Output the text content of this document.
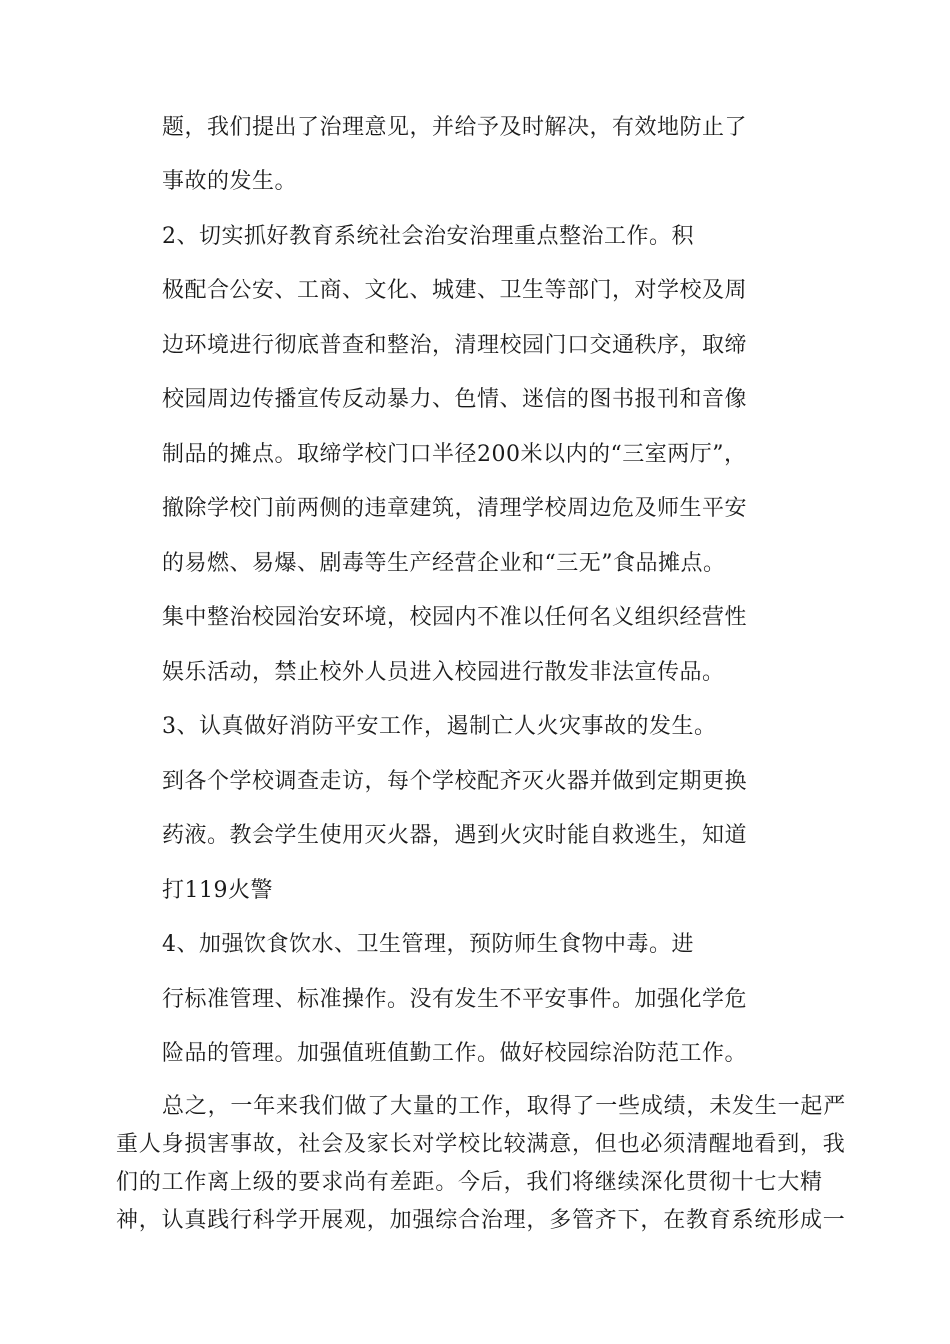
题，我们提出了治理意见，并给予及时解决，有效地防止了
事故的发生。
2、切实抓好教育系统社会治安治理重点整治工作。积
极配合公安、工商、文化、城建、卫生等部门，对学校及周
边环境进行彻底普查和整治，清理校园门口交通秩序，取缔
校园周边传播宣传反动暴力、色情、迷信的图书报刊和音像
制品的摊点。取缔学校门口半径200米以内的“三室两厅”，
撤除学校门前两侧的违章建筑，清理学校周边危及师生平安
的易燃、易爆、剧毒等生产经营企业和“三无”食品摊点。
集中整治校园治安环境，校园内不准以任何名义组织经营性
娱乐活动，禁止校外人员进入校园进行散发非法宣传品。
3、认真做好消防平安工作，遏制亡人火灾事故的发生。
到各个学校调查走访，每个学校配齐灭火器并做到定期更换
药液。教会学生使用灭火器，遇到火灾时能自救逃生，知道
打119火警
4、加强饮食饮水、卫生管理，预防师生食物中毒。进
行标准管理、标准操作。没有发生不平安事件。加强化学危
险品的管理。加强值班值勤工作。做好校园综治防范工作。
总之，一年来我们做了大量的工作，取得了一些成绩，未发生一起严
重人身损害事故，社会及家长对学校比较满意，但也必须清醒地看到，我
们的工作离上级的要求尚有差距。今后，我们将继续深化贯彻十七大精
神，认真践行科学开展观，加强综合治理，多管齐下，在教育系统形成一
